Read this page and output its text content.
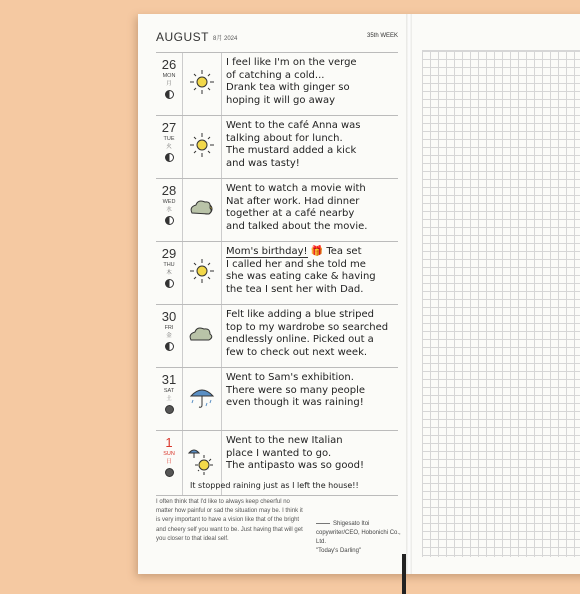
AUGUST 8月 2024	35th WEEK
26
MON
月
I feel like I'm on the verge
of catching a cold...
Drank tea with ginger so
hoping it will go away
27
TUE
火
Went to the café Anna was
talking about for lunch.
The mustard added a kick
and was tasty!
28
WED
水
Went to watch a movie with
Nat after work. Had dinner
together at a café nearby
and talked about the movie.
29
THU
木
Mom's birthday! 🎁 Tea set
I called her and she told me
she was eating cake & having
the tea I sent her with Dad.
30
FRI
金
Felt like adding a blue striped
top to my wardrobe so searched
endlessly online. Picked out a
few to check out next week.
31
SAT
土
Went to Sam's exhibition.
There were so many people
even though it was raining!
1
SUN
日
Went to the new Italian
place I wanted to go.
The antipasto was so good!
It stopped raining just as I left the house!!
I often think that I'd like to always keep cheerful no matter how painful or sad the situation may be. I think it is very important to have a vision like that of the bright and cheery self you want to be. Just having that will get you closer to that ideal self.
Shigesato Itoi
copywriter/CEO, Hobonichi Co., Ltd.
"Today's Darling"
